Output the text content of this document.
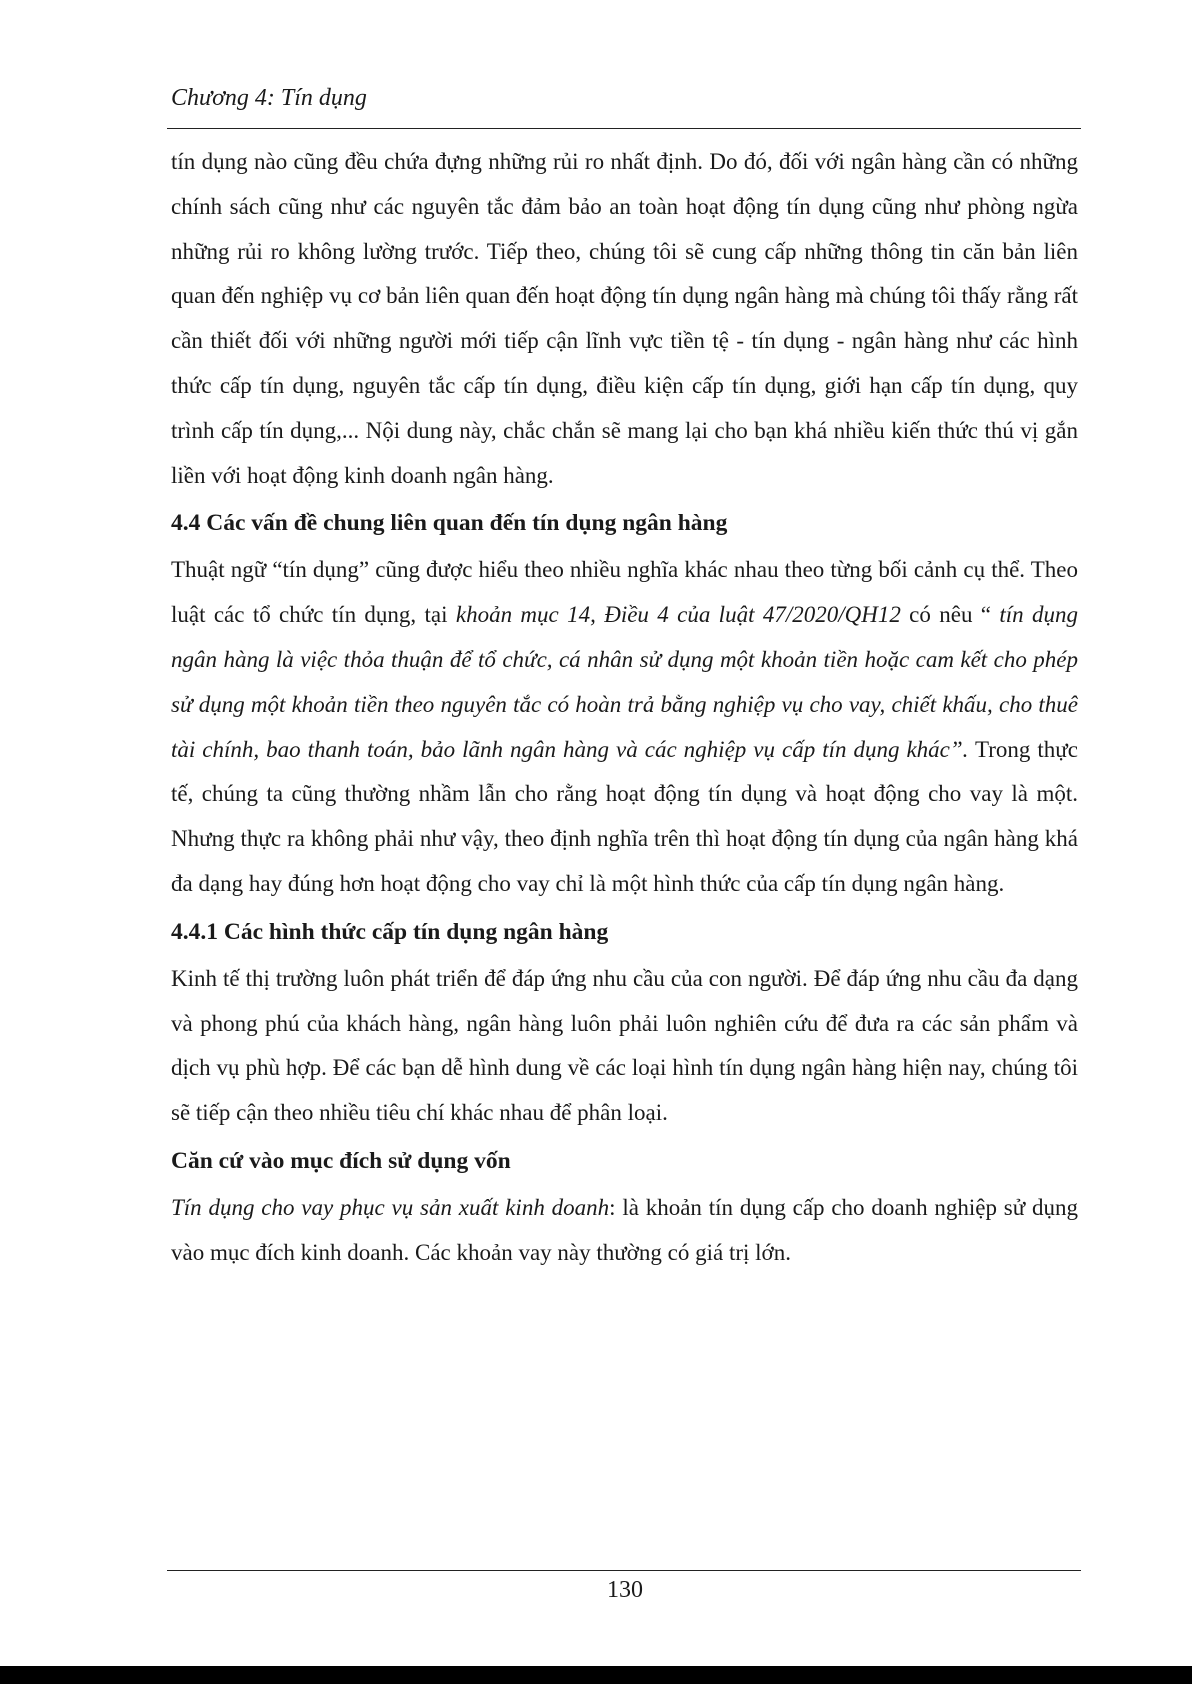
Chương 4: Tín dụng

tín dụng nào cũng đều chứa đựng những rủi ro nhất định. Do đó, đối với ngân hàng cần có những chính sách cũng như các nguyên tắc đảm bảo an toàn hoạt động tín dụng cũng như phòng ngừa những rủi ro không lường trước. Tiếp theo, chúng tôi sẽ cung cấp những thông tin căn bản liên quan đến nghiệp vụ cơ bản liên quan đến hoạt động tín dụng ngân hàng mà chúng tôi thấy rằng rất cần thiết đối với những người mới tiếp cận lĩnh vực tiền tệ - tín dụng - ngân hàng như các hình thức cấp tín dụng, nguyên tắc cấp tín dụng, điều kiện cấp tín dụng, giới hạn cấp tín dụng, quy trình cấp tín dụng,... Nội dung này, chắc chắn sẽ mang lại cho bạn khá nhiều kiến thức thú vị gắn liền với hoạt động kinh doanh ngân hàng.

4.4 Các vấn đề chung liên quan đến tín dụng ngân hàng

Thuật ngữ “tín dụng” cũng được hiểu theo nhiều nghĩa khác nhau theo từng bối cảnh cụ thể. Theo luật các tổ chức tín dụng, tại khoản mục 14, Điều 4 của luật 47/2020/QH12 có nêu “ tín dụng ngân hàng là việc thỏa thuận để tổ chức, cá nhân sử dụng một khoản tiền hoặc cam kết cho phép sử dụng một khoản tiền theo nguyên tắc có hoàn trả bằng nghiệp vụ cho vay, chiết khấu, cho thuê tài chính, bao thanh toán, bảo lãnh ngân hàng và các nghiệp vụ cấp tín dụng khác”. Trong thực tế, chúng ta cũng thường nhầm lẫn cho rằng hoạt động tín dụng và hoạt động cho vay là một. Nhưng thực ra không phải như vậy, theo định nghĩa trên thì hoạt động tín dụng của ngân hàng khá đa dạng hay đúng hơn hoạt động cho vay chỉ là một hình thức của cấp tín dụng ngân hàng.

4.4.1 Các hình thức cấp tín dụng ngân hàng

Kinh tế thị trường luôn phát triển để đáp ứng nhu cầu của con người. Để đáp ứng nhu cầu đa dạng và phong phú của khách hàng, ngân hàng luôn phải luôn nghiên cứu để đưa ra các sản phẩm và dịch vụ phù hợp. Để các bạn dễ hình dung về các loại hình tín dụng ngân hàng hiện nay, chúng tôi sẽ tiếp cận theo nhiều tiêu chí khác nhau để phân loại.

Căn cứ vào mục đích sử dụng vốn

Tín dụng cho vay phục vụ sản xuất kinh doanh: là khoản tín dụng cấp cho doanh nghiệp sử dụng vào mục đích kinh doanh. Các khoản vay này thường có giá trị lớn.

130
